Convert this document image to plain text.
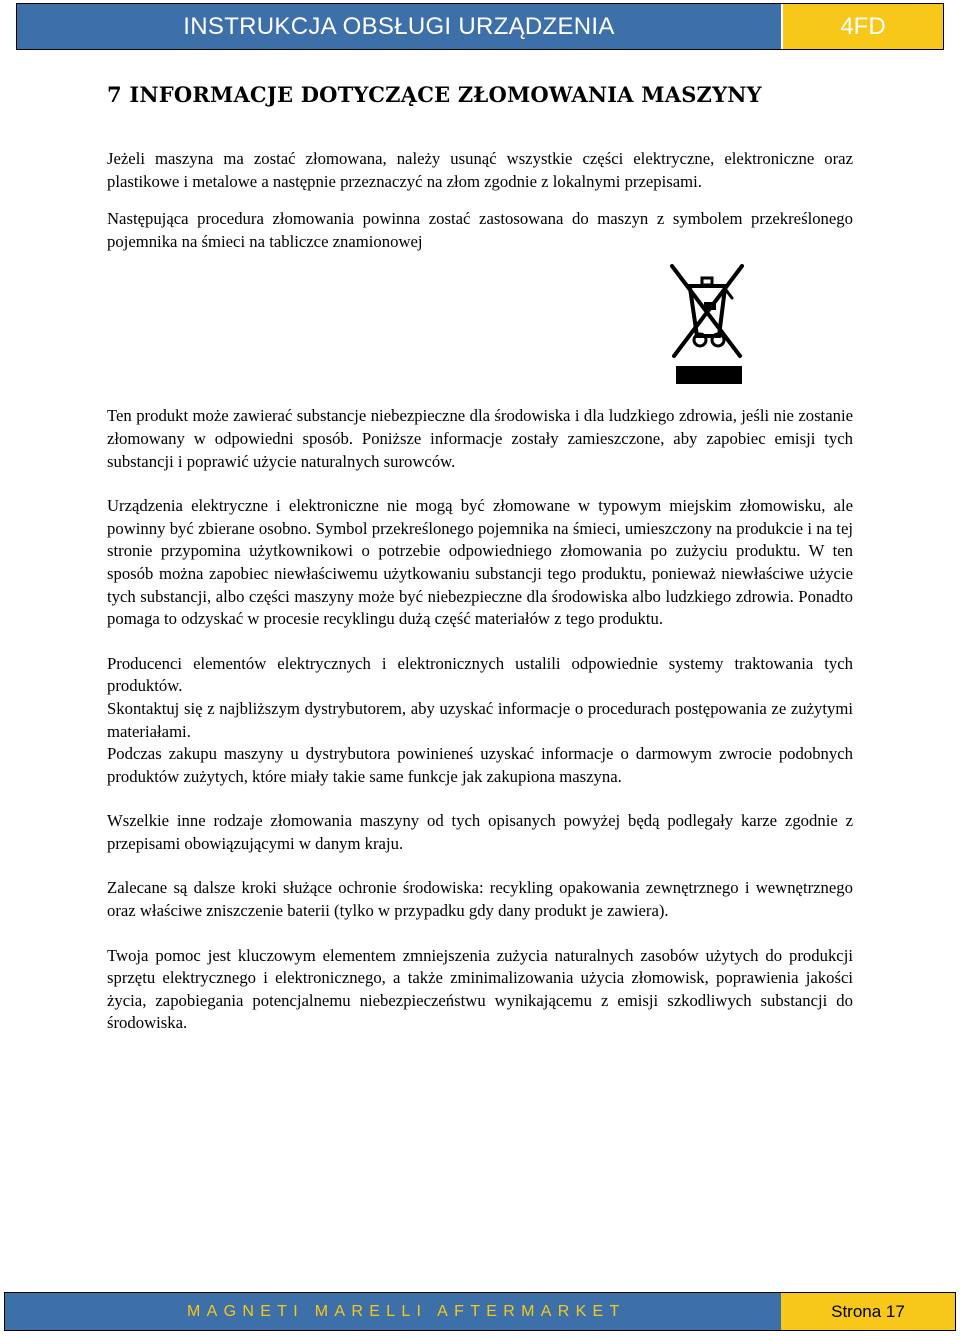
INSTRUKCJA OBSŁUGI URZĄDZENIA	4FD
7 INFORMACJE DOTYCZĄCE ZŁOMOWANIA MASZYNY

Jeżeli maszyna ma zostać złomowana, należy usunąć wszystkie części elektryczne, elektroniczne oraz plastikowe i metalowe a następnie przeznaczyć na złom zgodnie z lokalnymi przepisami.

Następująca procedura złomowania powinna zostać zastosowana do maszyn z symbolem przekreślonego pojemnika na śmieci na tabliczce znamionowej

Ten produkt może zawierać substancje niebezpieczne dla środowiska i dla ludzkiego zdrowia, jeśli nie zostanie złomowany w odpowiedni sposób. Poniższe informacje zostały zamieszczone, aby zapobiec emisji tych substancji i poprawić użycie naturalnych surowców.

Urządzenia elektryczne i elektroniczne nie mogą być złomowane w typowym miejskim złomowisku, ale powinny być zbierane osobno. Symbol przekreślonego pojemnika na śmieci, umieszczony na produkcie i na tej stronie przypomina użytkownikowi o potrzebie odpowiedniego złomowania po zużyciu produktu. W ten sposób można zapobiec niewłaściwemu użytkowaniu substancji tego produktu, ponieważ niewłaściwe użycie tych substancji, albo części maszyny może być niebezpieczne dla środowiska albo ludzkiego zdrowia. Ponadto pomaga to odzyskać w procesie recyklingu dużą część materiałów z tego produktu.

Producenci elementów elektrycznych i elektronicznych ustalili odpowiednie systemy traktowania tych produktów.

Skontaktuj się z najbliższym dystrybutorem, aby uzyskać informacje o procedurach postępowania ze zużytymi materiałami.

Podczas zakupu maszyny u dystrybutora powinieneś uzyskać informacje o darmowym zwrocie podobnych produktów zużytych, które miały takie same funkcje jak zakupiona maszyna.

Wszelkie inne rodzaje złomowania maszyny od tych opisanych powyżej będą podlegały karze zgodnie z przepisami obowiązującymi w danym kraju.

Zalecane są dalsze kroki służące ochronie środowiska: recykling opakowania zewnętrznego i wewnętrznego oraz właściwe zniszczenie baterii (tylko w przypadku gdy dany produkt je zawiera).

Twoja pomoc jest kluczowym elementem zmniejszenia zużycia naturalnych zasobów użytych do produkcji sprzętu elektrycznego i elektronicznego, a także zminimalizowania użycia złomowisk, poprawienia jakości życia, zapobiegania potencjalnemu niebezpieczeństwu wynikającemu z emisji szkodliwych substancji do środowiska.

MAGNETI MARELLI AFTERMARKET	Strona 17
